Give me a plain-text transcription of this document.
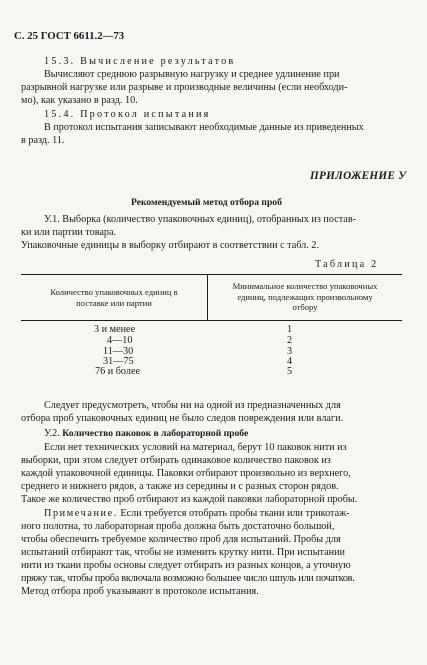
С. 25 ГОСТ 6611.2—73
15.3. Вычисление результатов
Вычисляют среднюю разрывную нагрузку и среднее удлинение при
разрывной нагрузке или разрыве и производные величины (если необходи-
мо), как указано в разд. 10.
15.4. Протокол испытания
В протокол испытания записывают необходимые данные из приведенных
в разд. 11.
ПРИЛОЖЕНИЕ У
Рекомендуемый метод отбора проб
У.1. Выборка (количество упаковочных единиц), отобранных из постав-
ки или партии товара.
Упаковочные единицы в выборку отбирают в соответствии с табл. 2.
Таблица 2
Количество упаковочных единиц в
поставке или партии
Минимальное количество упаковочных
единиц, подлежащих произвольному
отбору
3 и менее	1
4—10	2
11—30	3
31—75	4
76 и более	5
Следует предусмотреть, чтобы ни на одной из предназначенных для
отбора проб упаковочных единиц не было следов повреждения или влаги.
У.2. Количество паковок в лабораторной пробе
Если нет технических условий на материал, берут 10 паковок нити из
выборки, при этом следует отбирать одинаковое количество паковок из
каждой упаковочной единицы. Паковки отбирают произвольно из верхнего,
среднего и нижнего рядов, а также из середины и с разных сторон рядов.
Такое же количество проб отбирают из каждой паковки лабораторной пробы.
Примечание. Если требуется отобрать пробы ткани или трикотаж-
ного полотна, то лабораторная проба должна быть достаточно большой,
чтобы обеспечить требуемое количество проб для испытаний. Пробы для
испытаний отбирают так, чтобы не изменить крутку нити. При испытании
нити из ткани пробы основы следует отбирать из разных концов, а уточную
пряжу так, чтобы проба включала возможно большее число шпуль или початков.
Метод отбора проб указывают в протоколе испытания.
